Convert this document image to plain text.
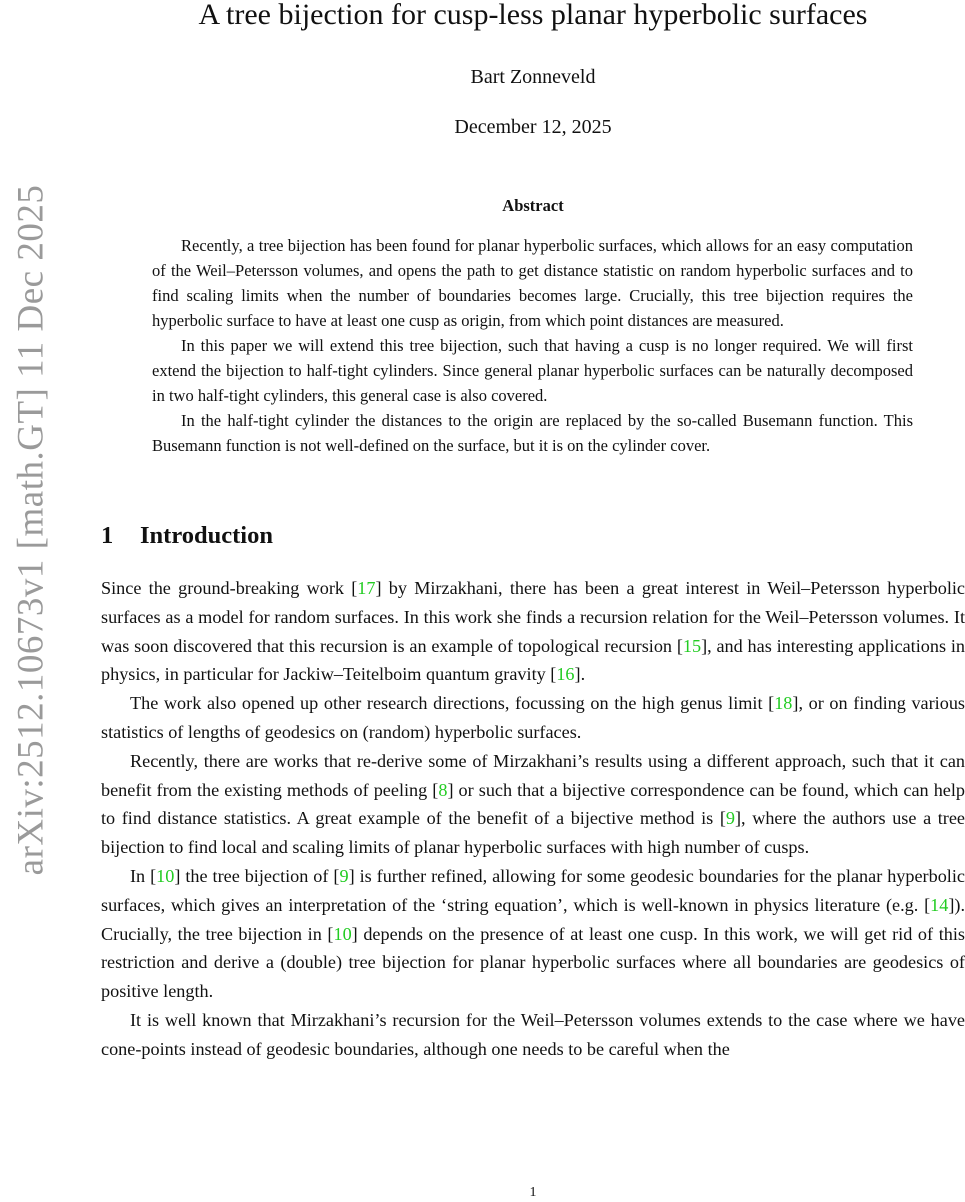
arXiv:2512.10673v1 [math.GT] 11 Dec 2025
A tree bijection for cusp-less planar hyperbolic surfaces
Bart Zonneveld
December 12, 2025
Abstract

Recently, a tree bijection has been found for planar hyperbolic surfaces, which allows for an easy computation of the Weil–Petersson volumes, and opens the path to get distance statistic on random hyperbolic surfaces and to find scaling limits when the number of boundaries becomes large. Crucially, this tree bijection requires the hyperbolic surface to have at least one cusp as origin, from which point distances are measured.

In this paper we will extend this tree bijection, such that having a cusp is no longer required. We will first extend the bijection to half-tight cylinders. Since general planar hyperbolic surfaces can be naturally decomposed in two half-tight cylinders, this general case is also covered.

In the half-tight cylinder the distances to the origin are replaced by the so-called Busemann function. This Busemann function is not well-defined on the surface, but it is on the cylinder cover.

1 Introduction

Since the ground-breaking work [17] by Mirzakhani, there has been a great interest in Weil–Petersson hyperbolic surfaces as a model for random surfaces. In this work she finds a recursion relation for the Weil–Petersson volumes. It was soon discovered that this recursion is an example of topological recursion [15], and has interesting applications in physics, in particular for Jackiw–Teitelboim quantum gravity [16].

The work also opened up other research directions, focussing on the high genus limit [18], or on finding various statistics of lengths of geodesics on (random) hyperbolic surfaces.

Recently, there are works that re-derive some of Mirzakhani’s results using a different approach, such that it can benefit from the existing methods of peeling [8] or such that a bijective correspondence can be found, which can help to find distance statistics. A great example of the benefit of a bijective method is [9], where the authors use a tree bijection to find local and scaling limits of planar hyperbolic surfaces with high number of cusps.

In [10] the tree bijection of [9] is further refined, allowing for some geodesic boundaries for the planar hyperbolic surfaces, which gives an interpretation of the ‘string equation’, which is well-known in physics literature (e.g. [14]). Crucially, the tree bijection in [10] depends on the presence of at least one cusp. In this work, we will get rid of this restriction and derive a (double) tree bijection for planar hyperbolic surfaces where all boundaries are geodesics of positive length.

It is well known that Mirzakhani’s recursion for the Weil–Petersson volumes extends to the case where we have cone-points instead of geodesic boundaries, although one needs to be careful when the

1
